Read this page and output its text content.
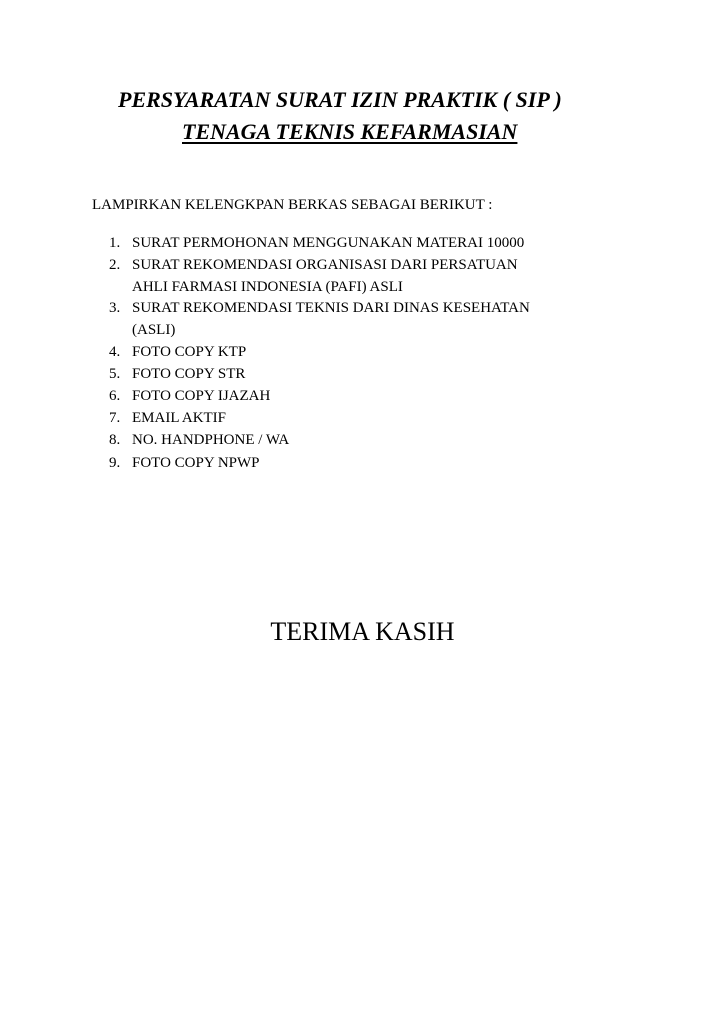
PERSYARATAN SURAT IZIN PRAKTIK ( SIP )
TENAGA TEKNIS KEFARMASIAN
LAMPIRKAN KELENGKPAN BERKAS SEBAGAI BERIKUT :
1. SURAT PERMOHONAN MENGGUNAKAN MATERAI 10000
2. SURAT REKOMENDASI ORGANISASI DARI PERSATUAN
AHLI FARMASI INDONESIA (PAFI) ASLI
3. SURAT REKOMENDASI TEKNIS DARI DINAS KESEHATAN
(ASLI)
4. FOTO COPY KTP
5. FOTO COPY STR
6. FOTO COPY IJAZAH
7. EMAIL AKTIF
8. NO. HANDPHONE / WA
9. FOTO COPY NPWP
TERIMA KASIH
